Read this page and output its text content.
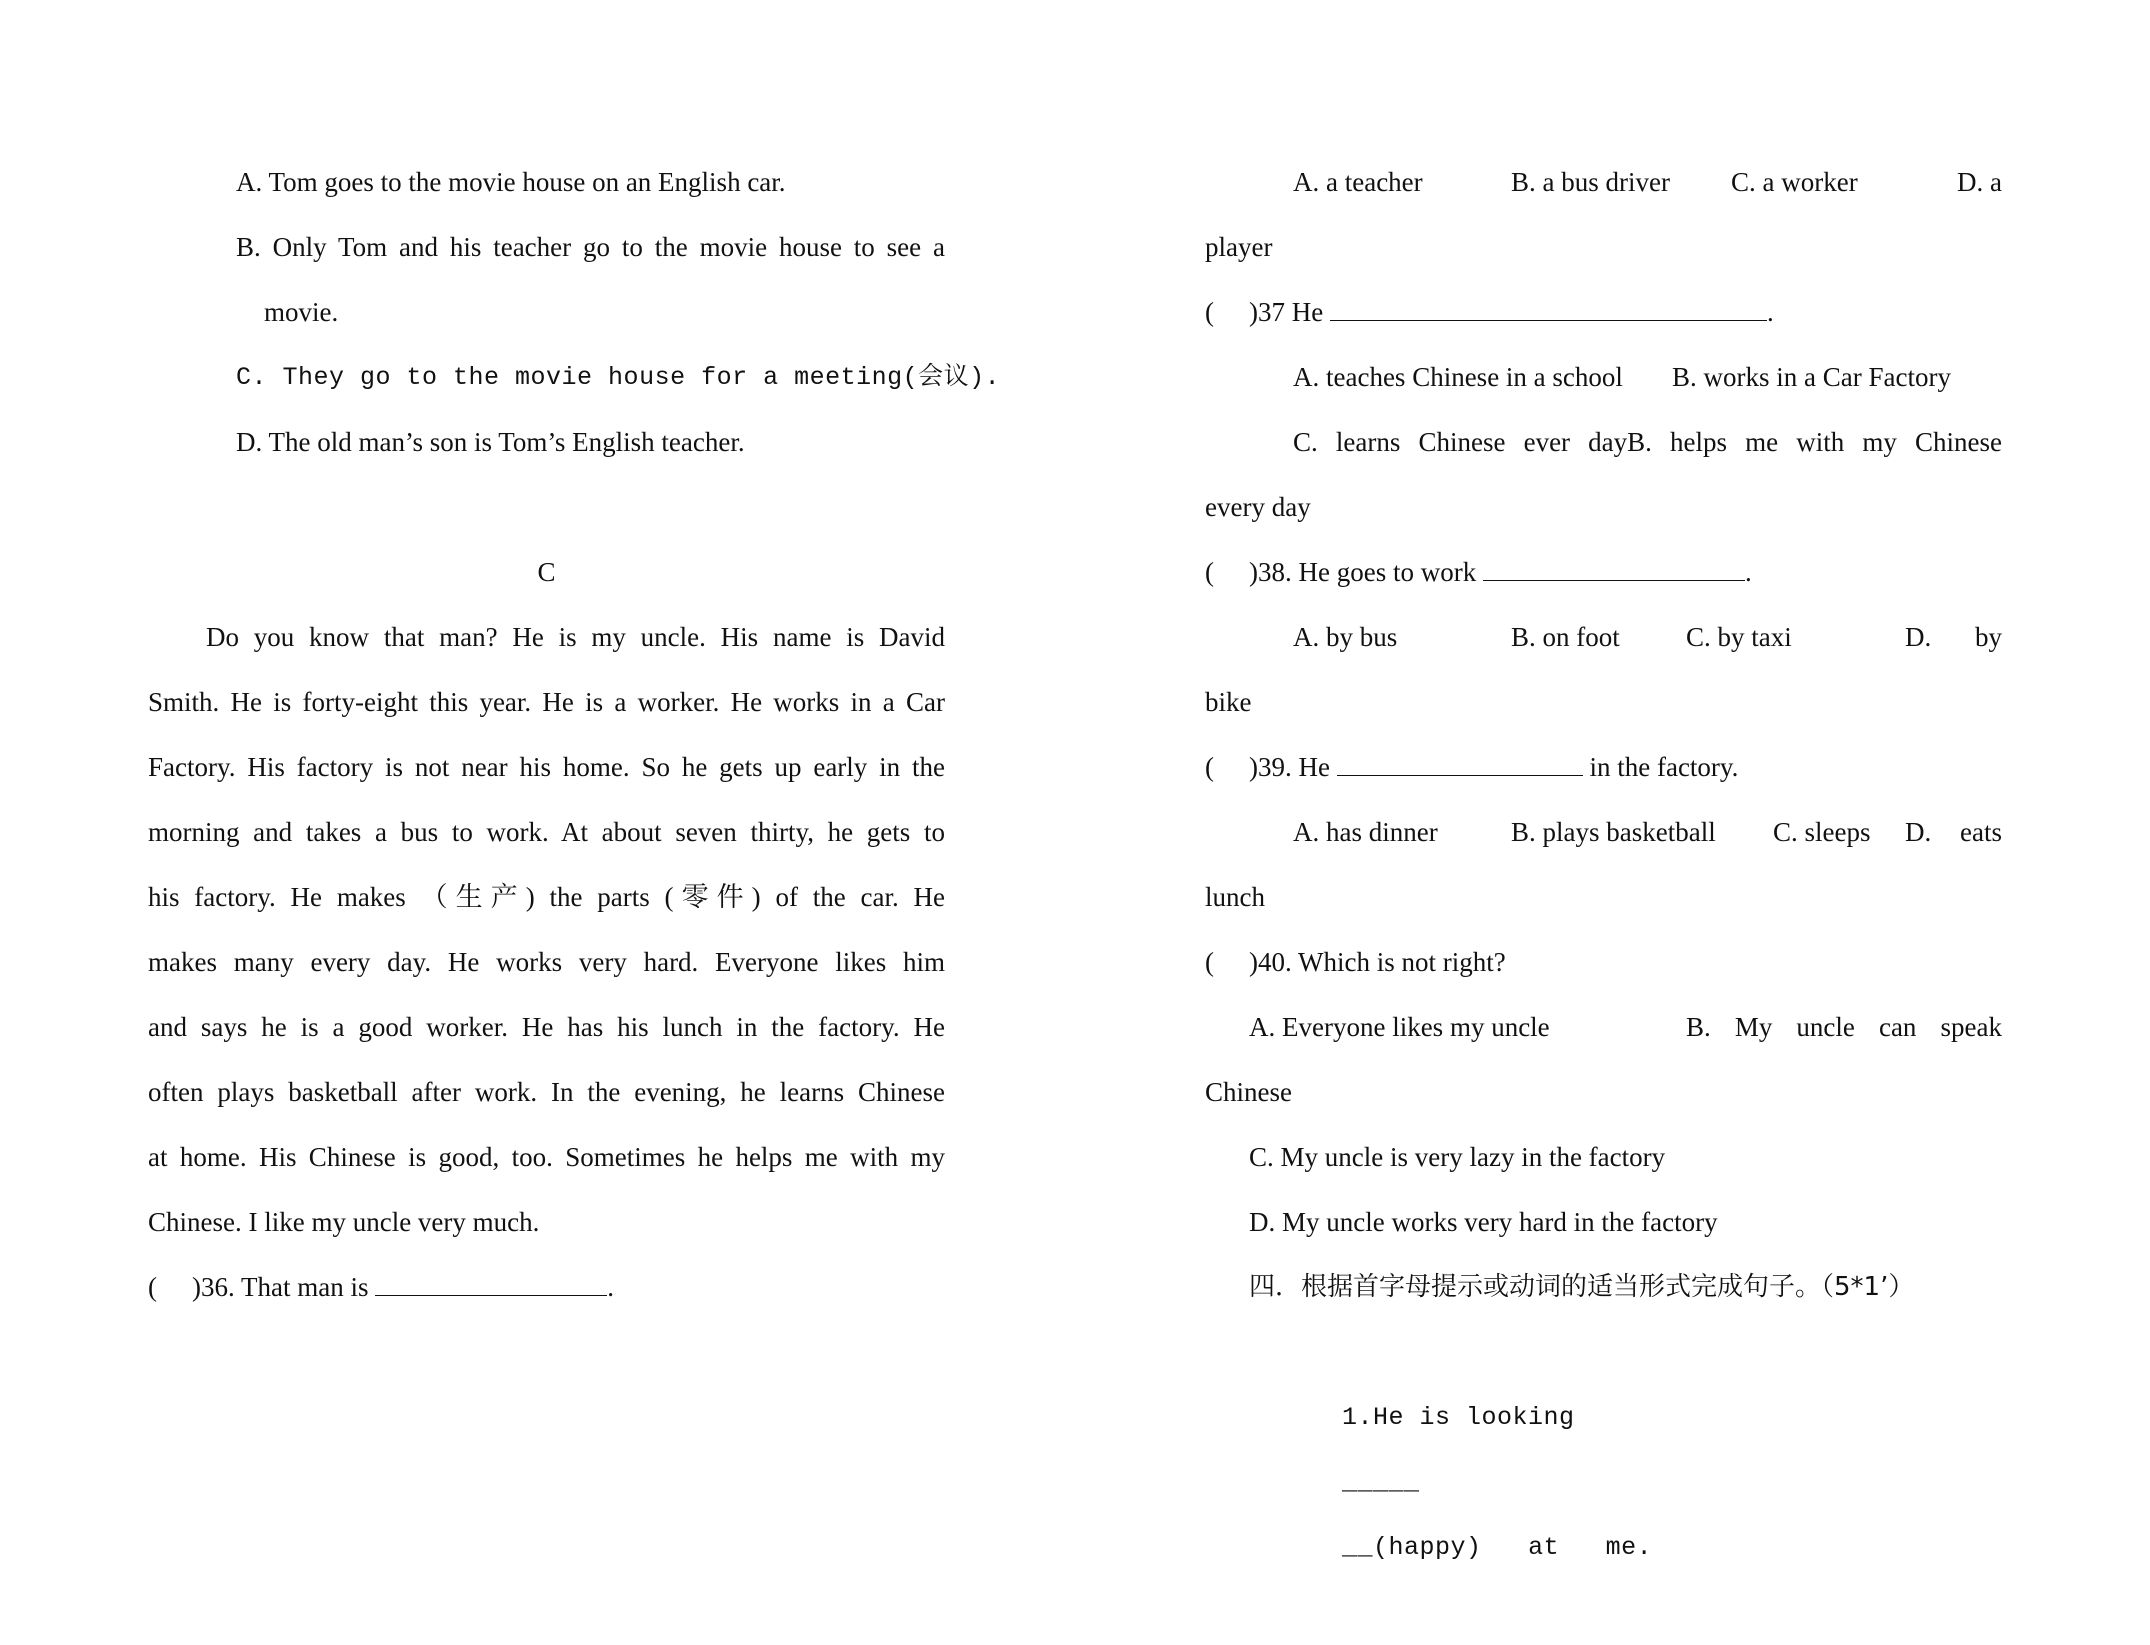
A. Tom goes to the movie house on an English car.
B. Only Tom and his teacher go to the movie house to see a
movie.
C. They go to the movie house for a meeting(会议).
D. The old man’s son is Tom’s English teacher.
C
Do you know that man? He is my uncle. His name is David
Smith. He is forty-eight this year. He is a worker. He works in a Car
Factory. His factory is not near his home. So he gets up early in the
morning and takes a bus to work. At about seven thirty, he gets to
his factory. He makes （生产) the parts (零件) of the car. He
makes many every day. He works very hard. Everyone likes him
and says he is a good worker. He has his lunch in the factory. He
often plays basketball after work. In the evening, he learns Chinese
at home. His Chinese is good, too. Sometimes he helps me with my
Chinese. I like my uncle very much.
( )36. That man is	.
A. a teacher	B. a bus driver C. a worker	D. a
player
( )37 He	.
A. teaches Chinese in a school B. works in a Car Factory
C. learns Chinese ever dayB. helps me with my Chinese
every day
( )38. He goes to work	.
A. by bus	B. on foot C. by taxi	D.      by
bike
( )39. He	in the factory.
A. has dinner	B. plays basketball C. sleeps D.    eats
lunch
( )40. Which is not right?
A. Everyone likes my uncle	B.   My   uncle   can   speak
Chinese
C. My uncle is very lazy in the factory
D. My uncle works very hard in the factory
四．根据首字母提示或动词的适当形式完成句子。（5*1’）

1.He is looking
_____
__(happy)   at   me.
